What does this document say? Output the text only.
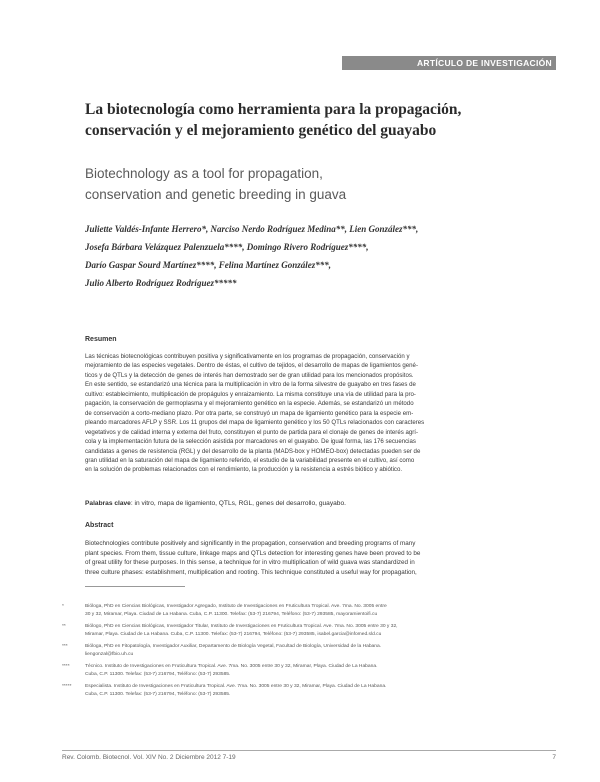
ARTÍCULO DE INVESTIGACIÓN
La biotecnología como herramienta para la propagación,
conservación y el mejoramiento genético del guayabo
Biotechnology as a tool for propagation,
conservation and genetic breeding in guava
Juliette Valdés-Infante Herrero*, Narciso Nerdo Rodríguez Medina**, Lien González***,
Josefa Bárbara Velázquez Palenzuela****, Domingo Rivero Rodríguez****,
Darío Gaspar Sourd Martínez****, Felina Martínez González***,
Julio Alberto Rodríguez Rodríguez*****
Resumen
Las técnicas biotecnológicas contribuyen positiva y significativamente en los programas de propagación, conservación y
mejoramiento de las especies vegetales. Dentro de éstas, el cultivo de tejidos, el desarrollo de mapas de ligamientos gené-
ticos y de QTLs y la detección de genes de interés han demostrado ser de gran utilidad para los mencionados propósitos.
En este sentido, se estandarizó una técnica para la multiplicación in vitro de la forma silvestre de guayabo en tres fases de
cultivo: establecimiento, multiplicación de propágulos y enraizamiento. La misma constituye una vía de utilidad para la pro-
pagación, la conservación de germoplasma y el mejoramiento genético en la especie. Además, se estandarizó un método
de conservación a corto-mediano plazo. Por otra parte, se construyó un mapa de ligamiento genético para la especie em-
pleando marcadores AFLP y SSR. Los 11 grupos del mapa de ligamiento genético y los 50 QTLs relacionados con caracteres
vegetativos y de calidad interna y externa del fruto, constituyen el punto de partida para el clonaje de genes de interés agrí-
cola y la implementación futura de la selección asistida por marcadores en el guayabo. De igual forma, las 176 secuencias
candidatas a genes de resistencia (RGL) y del desarrollo de la planta (MADS-box y HOMEO-box) detectadas pueden ser de
gran utilidad en la saturación del mapa de ligamiento referido, el estudio de la variabilidad presente en el cultivo, así como
en la solución de problemas relacionados con el rendimiento, la producción y la resistencia a estrés biótico y abiótico.
Palabras clave: in vitro, mapa de ligamiento, QTLs, RGL, genes del desarrollo, guayabo.
Abstract
Biotechnologies contribute positively and significantly in the propagation, conservation and breeding programs of many
plant species. From them, tissue culture, linkage maps and QTLs detection for interesting genes have been proved to be
of great utility for these purposes. In this sense, a technique for in vitro multiplication of wild guava was standardized in
three culture phases: establishment, multiplication and rooting. This technique constituted a useful way for propagation,
*	Bióloga, PhD en Ciencias Biológicas, Investigador Agregado, Instituto de Investigaciones en Fruticultura Tropical. Ave. 7ma. No. 3005 entre
30 y 32, Miramar, Playa. Ciudad de La Habana. Cuba, C.P. 11300. Telefax: (53-7) 216794, Teléfono: (53-7) 293585, mayoramientoifi.cu
**	Biólogo, PhD en Ciencias Biológicas, Investigador Titular, Instituto de Investigaciones en Fruticultura Tropical. Ave. 7ma. No. 3005 entre 30 y 32,
Miramar, Playa. Ciudad de La Habana. Cuba, C.P. 11300. Telefax: (53-7) 216794, Teléfono: (53-7) 293585, isabel.garcia@infomed.sld.cu
***	Bióloga, PhD en Fitopatología, Investigador Auxiliar, Departamento de Biología Vegetal, Facultad de Biología, Universidad de la Habana.
liengonzal@fbio.uh.cu
****	Técnico. Instituto de Investigaciones en Fruticultura Tropical. Ave. 7ma. No. 3005 entre 30 y 32, Miramar, Playa. Ciudad de La Habana.
Cuba, C.P. 11300. Telefax: (53-7) 216794, Teléfono: (53-7) 293585.
*****	Especialista. Instituto de Investigaciones en Fruticultura Tropical. Ave. 7ma. No. 3005 entre 30 y 32, Miramar, Playa. Ciudad de La Habana.
Cuba, C.P. 11300. Telefax: (53-7) 216794, Teléfono: (53-7) 293585.
Rev. Colomb. Biotecnol. Vol. XIV No. 2 Diciembre 2012 7-19	7
